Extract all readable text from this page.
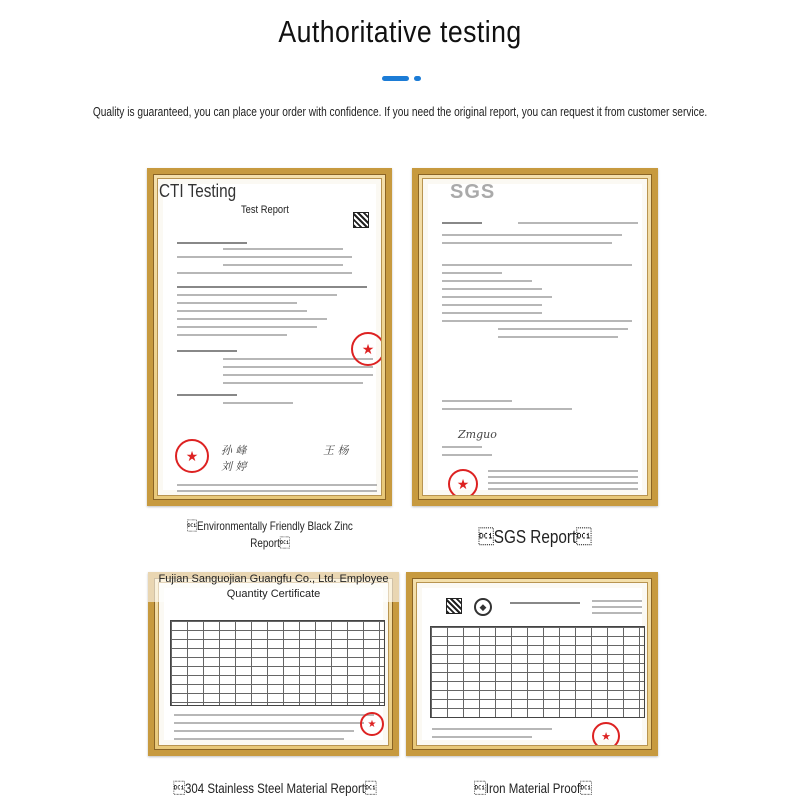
Authoritative testing

Quality is guaranteed, you can place your order with confidence. If you need the original report, you can request it from customer service.

★
★	孙 峰
刘 婷
王 杨
CTI Testing
Test Report
Environmentally Friendly Black Zinc Report
Zmguo
★
SGS
SGS Report
★
Fujian Sanguojian Guangfu Co., Ltd. Employee Quantity Certificate
304 Stainless Steel Material Report
◆
★
Iron Material Proof
